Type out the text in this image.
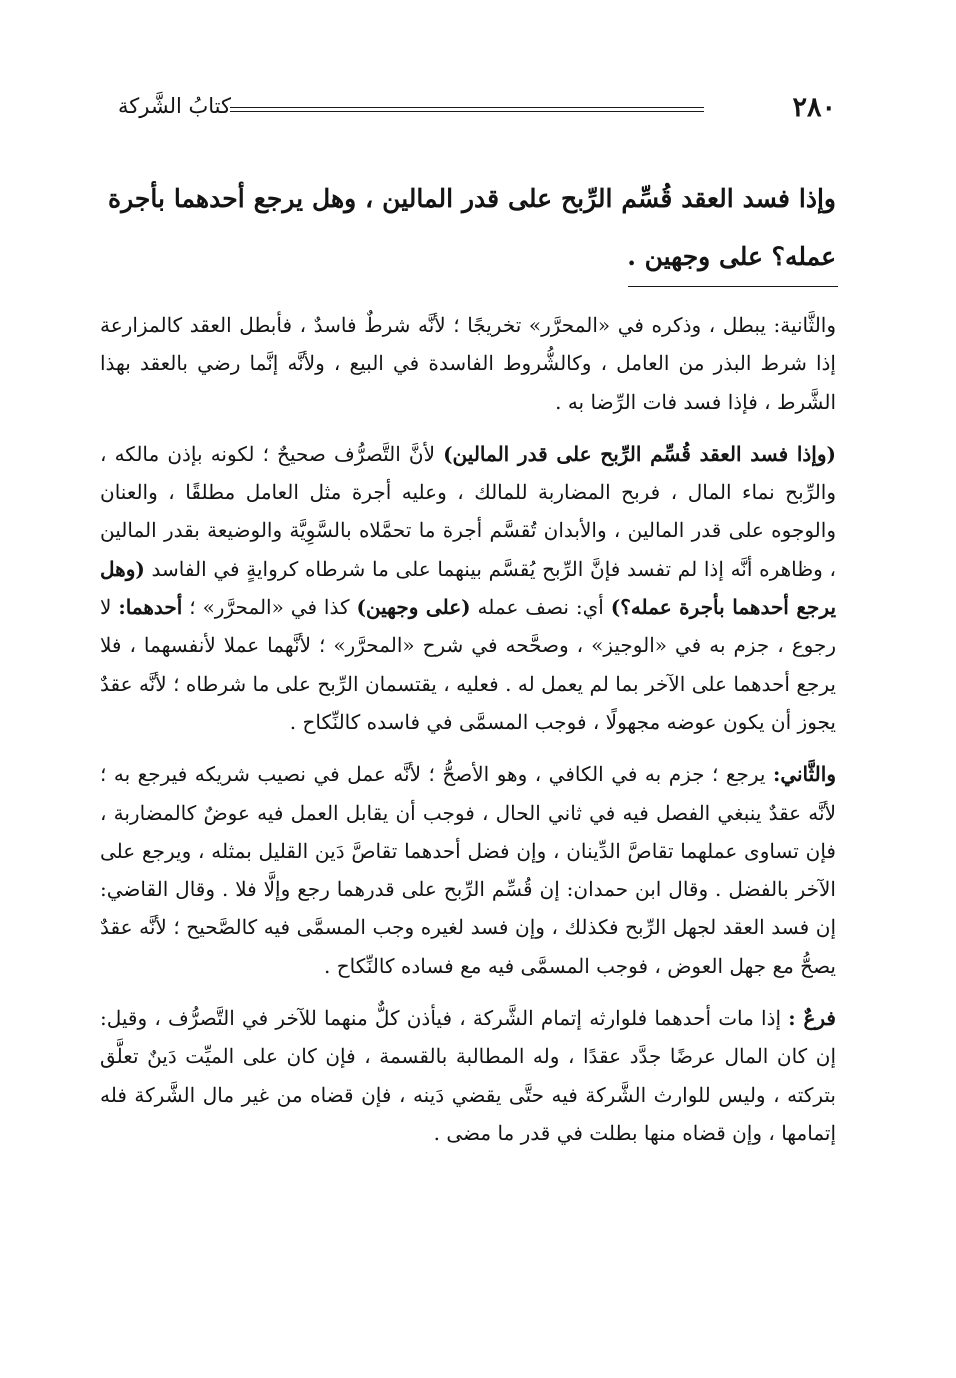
٢٨٠
كتابُ الشَّركة
وإذا فسد العقد قُسِّم الرِّبح على قدر المالين ، وهل يرجع أحدهما بأجرة عمله؟ على وجهين .

والثَّانية: يبطل ، وذكره في «المحرَّر» تخريجًا ؛ لأنَّه شرطٌ فاسدٌ ، فأبطل العقد كالمزارعة إذا شرط البذر من العامل ، وكالشُّروط الفاسدة في البيع ، ولأنَّه إنَّما رضي بالعقد بهذا الشَّرط ، فإذا فسد فات الرِّضا به .

(وإذا فسد العقد قُسِّم الرِّبح على قدر المالين) لأنَّ التَّصرُّف صحيحٌ ؛ لكونه بإذن مالكه ، والرِّبح نماء المال ، فربح المضاربة للمالك ، وعليه أجرة مثل العامل مطلقًا ، والعنان والوجوه على قدر المالين ، والأبدان تُقسَّم أجرة ما تحمَّلاه بالسَّوِيَّة والوضيعة بقدر المالين ، وظاهره أنَّه إذا لم تفسد فإنَّ الرِّبح يُقسَّم بينهما على ما شرطاه كروايةٍ في الفاسد (وهل يرجع أحدهما بأجرة عمله؟) أي: نصف عمله (على وجهين) كذا في «المحرَّر» ؛ أحدهما: لا رجوع ، جزم به في «الوجيز» ، وصحَّحه في شرح «المحرَّر» ؛ لأنَّهما عملا لأنفسهما ، فلا يرجع أحدهما على الآخر بما لم يعمل له . فعليه ، يقتسمان الرِّبح على ما شرطاه ؛ لأنَّه عقدٌ يجوز أن يكون عوضه مجهولًا ، فوجب المسمَّى في فاسده كالنِّكاح .

والثَّاني: يرجع ؛ جزم به في الكافي ، وهو الأصحُّ ؛ لأنَّه عمل في نصيب شريكه فيرجع به ؛ لأنَّه عقدٌ ينبغي الفصل فيه في ثاني الحال ، فوجب أن يقابل العمل فيه عوضٌ كالمضاربة ، فإن تساوى عملهما تقاصَّ الدِّينان ، وإن فضل أحدهما تقاصَّ دَين القليل بمثله ، ويرجع على الآخر بالفضل . وقال ابن حمدان: إن قُسِّم الرِّبح على قدرهما رجع وإلَّا فلا . وقال القاضي: إن فسد العقد لجهل الرِّبح فكذلك ، وإن فسد لغيره وجب المسمَّى فيه كالصَّحيح ؛ لأنَّه عقدٌ يصحُّ مع جهل العوض ، فوجب المسمَّى فيه مع فساده كالنِّكاح .

فرعٌ : إذا مات أحدهما فلوارثه إتمام الشَّركة ، فيأذن كلٌّ منهما للآخر في التَّصرُّف ، وقيل: إن كان المال عرضًا جدَّد عقدًا ، وله المطالبة بالقسمة ، فإن كان على الميِّت دَينٌ تعلَّق بتركته ، وليس للوارث الشَّركة فيه حتَّى يقضي دَينه ، فإن قضاه من غير مال الشَّركة فله إتمامها ، وإن قضاه منها بطلت في قدر ما مضى .
